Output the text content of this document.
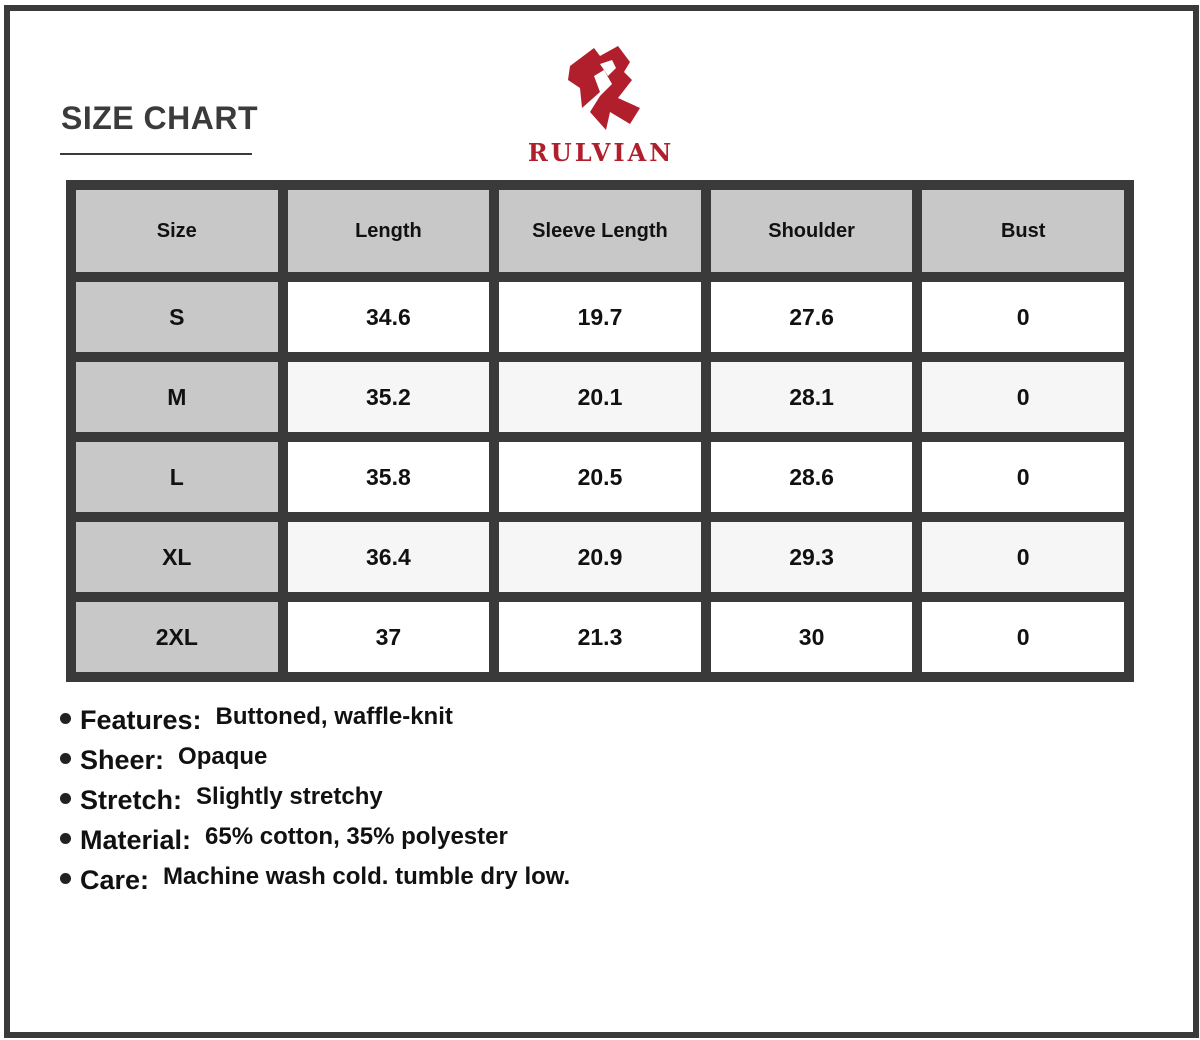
SIZE CHART
RULVIAN
Size	Length	Sleeve Length	Shoulder	Bust
S	34.6	19.7	27.6	0
M	35.2	20.1	28.1	0
L	35.8	20.5	28.6	0
XL	36.4	20.9	29.3	0
2XL	37	21.3	30	0
Features: Buttoned, waffle-knit
Sheer: Opaque
Stretch: Slightly stretchy
Material: 65% cotton, 35% polyester
Care: Machine wash cold. tumble dry low.
